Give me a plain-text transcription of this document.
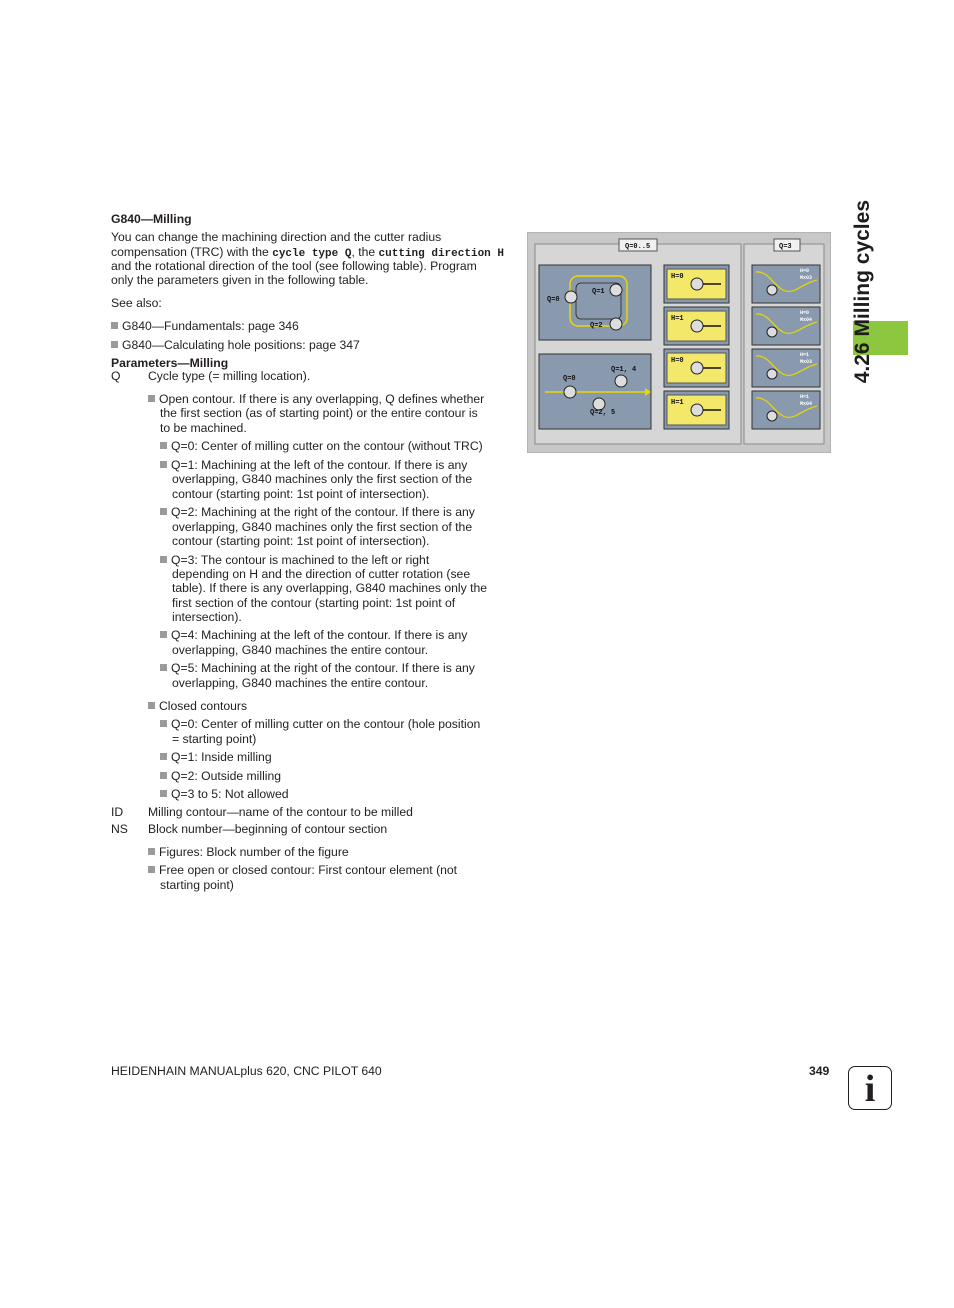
4.26 Milling cycles
G840—Milling
You can change the machining direction and the cutter radius
compensation (TRC) with the cycle type Q, the cutting direction H
and the rotational direction of the tool (see following table). Program
only the parameters given in the following table.
See also:
G840—Fundamentals: page 346
G840—Calculating hole positions: page 347
Parameters—Milling
Q Cycle type (= milling location).
Open contour. If there is any overlapping, Q defines whether
the first section (as of starting point) or the entire contour is
to be machined.
Q=0: Center of milling cutter on the contour (without TRC)
Q=1: Machining at the left of the contour. If there is any
overlapping, G840 machines only the first section of the
contour (starting point: 1st point of intersection).
Q=2: Machining at the right of the contour. If there is any
overlapping, G840 machines only the first section of the
contour (starting point: 1st point of intersection).
Q=3: The contour is machined to the left or right
depending on H and the direction of cutter rotation (see
table). If there is any overlapping, G840 machines only the
first section of the contour (starting point: 1st point of
intersection).
Q=4: Machining at the left of the contour. If there is any
overlapping, G840 machines the entire contour.
Q=5: Machining at the right of the contour. If there is any
overlapping, G840 machines the entire contour.
Closed contours
Q=0: Center of milling cutter on the contour (hole position
= starting point)
Q=1: Inside milling
Q=2: Outside milling
Q=3 to 5: Not allowed
ID Milling contour—name of the contour to be milled
NS Block number—beginning of contour section
Figures: Block number of the figure
Free open or closed contour: First contour element (not
starting point)
Q=0..5	Q=3
Q=0
Q=1
Q=2
Q=0
Q=1, 4
Q=2, 5
H=0
H=1
H=0
H=1
H=0
Mx03
H=0
Mx04
H=1
Mx03
H=1
Mx04
HEIDENHAIN MANUALplus 620, CNC PILOT 640	349 i
